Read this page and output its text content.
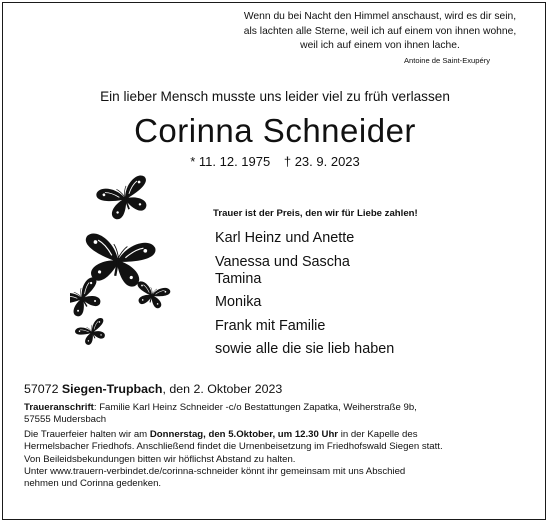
Wenn du bei Nacht den Himmel anschaust, wird es dir sein,
als lachten alle Sterne, weil ich auf einem von ihnen wohne,
weil ich auf einem von ihnen lache.
Antoine de Saint-Exupéry
Ein lieber Mensch musste uns leider viel zu früh verlassen
Corinna Schneider
* 11. 12. 1975 † 23. 9. 2023
Trauer ist der Preis, den wir für Liebe zahlen!
Karl Heinz und Anette
Vanessa und Sascha
Tamina
Monika
Frank mit Familie
sowie alle die sie lieb haben
57072 Siegen-Trupbach, den 2. Oktober 2023
Traueranschrift: Familie Karl Heinz Schneider -c/o Bestattungen Zapatka, Weiherstraße 9b,
57555 Mudersbach
Die Trauerfeier halten wir am Donnerstag, den 5.Oktober, um 12.30 Uhr in der Kapelle des
Hermelsbacher Friedhofs. Anschließend findet die Urnenbeisetzung im Friedhofswald Siegen statt.
Von Beileidsbekundungen bitten wir höflichst Abstand zu halten.
Unter www.trauern-verbindet.de/corinna-schneider könnt ihr gemeinsam mit uns Abschied
nehmen und Corinna gedenken.
